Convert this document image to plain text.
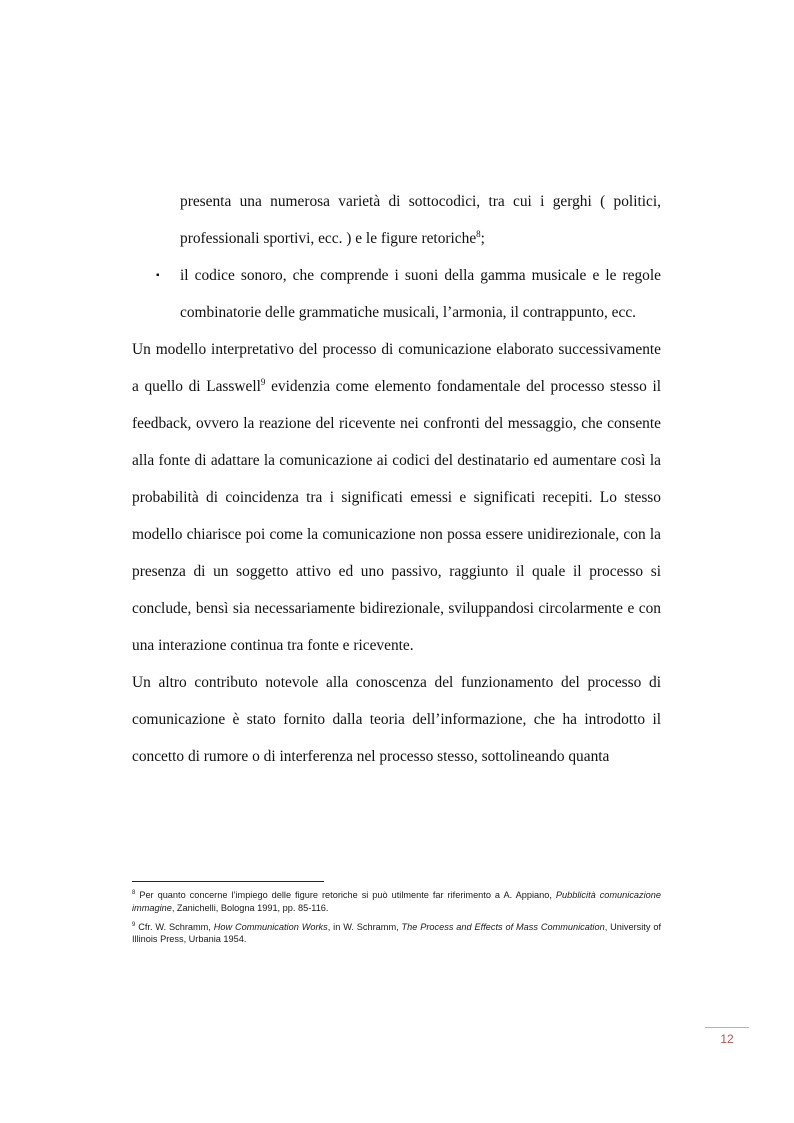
presenta una numerosa varietà di sottocodici, tra cui i gerghi ( politici, professionali sportivi, ecc. ) e le figure retoriche$^8$;

▪ il codice sonoro, che comprende i suoni della gamma musicale e le regole combinatorie delle grammatiche musicali, l’armonia, il contrappunto, ecc.

Un modello interpretativo del processo di comunicazione elaborato successivamente a quello di Lasswell$^9$ evidenzia come elemento fondamentale del processo stesso il feedback, ovvero la reazione del ricevente nei confronti del messaggio, che consente alla fonte di adattare la comunicazione ai codici del destinatario ed aumentare così la probabilità di coincidenza tra i significati emessi e significati recepiti. Lo stesso modello chiarisce poi come la comunicazione non possa essere unidirezionale, con la presenza di un soggetto attivo ed uno passivo, raggiunto il quale il processo si conclude, bensì sia necessariamente bidirezionale, sviluppandosi circolarmente e con una interazione continua tra fonte e ricevente.

Un altro contributo notevole alla conoscenza del funzionamento del processo di comunicazione è stato fornito dalla teoria dell’informazione, che ha introdotto il concetto di rumore o di interferenza nel processo stesso, sottolineando quanta

$^8$ Per quanto concerne l’impiego delle figure retoriche si può utilmente far riferimento a A. Appiano, Pubblicità comunicazione immagine, Zanichelli, Bologna 1991, pp. 85-116.

$^9$ Cfr. W. Schramm, How Communication Works, in W. Schramm, The Process and Effects of Mass Communication, University of Illinois Press, Urbania 1954.

12
